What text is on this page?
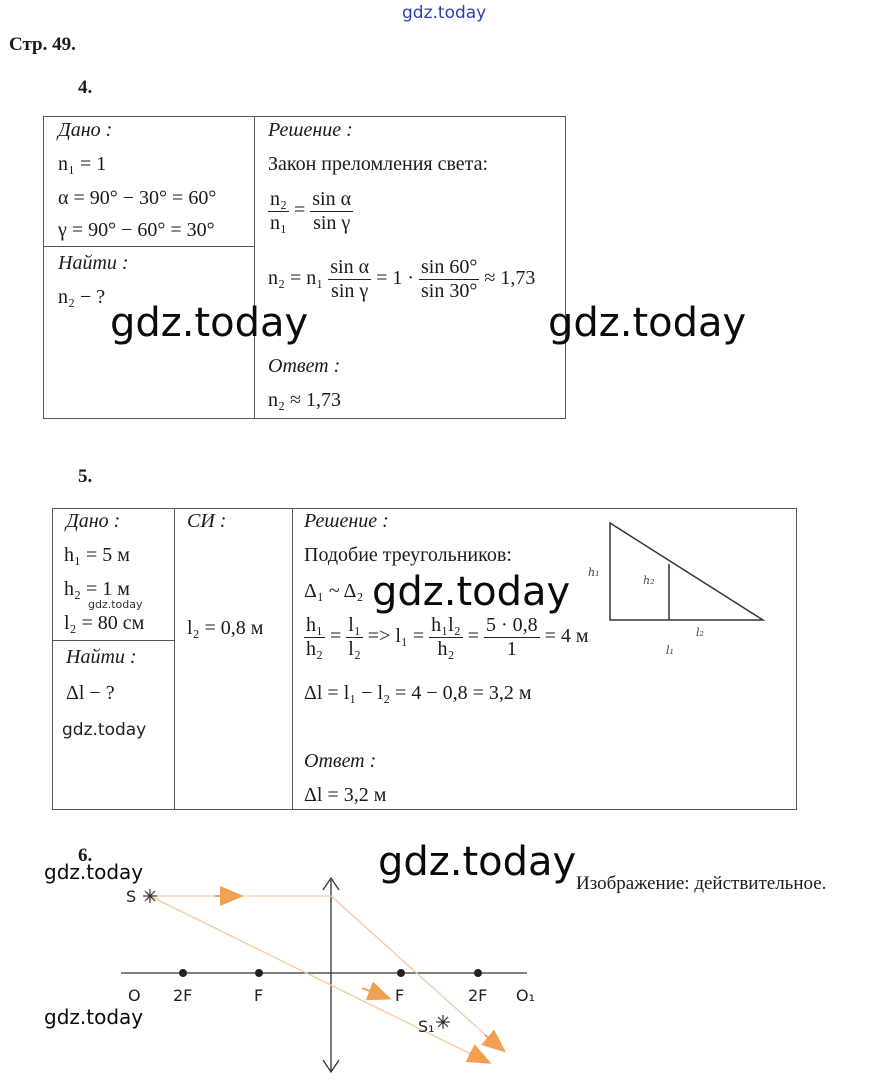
gdz.today
Стр. 49.
4.
Дано :
n₁ = 1
α = 90° − 30° = 60°
γ = 90° − 60° = 30°
Найти :
n₂ − ?
Решение :
Закон преломления света:
$\frac{\text{n₂}}{\text{n₁}} = \frac{\text{sin α}}{\text{sin γ}}$
$n_2 = n_1 \frac{\text{sin α}}{\text{sin γ}} = 1 \cdot \frac{\sin 60^\circ}{\sin 30^\circ} \approx 1,73$
Ответ :
n₂ ≈ 1,73
gdz.today	gdz.today
5.
Дано :
h₁ = 5 м
h₂ = 1 м
gdz.today
l₂ = 80 см
Найти :
Δl − ?
gdz.today
СИ :
l₂ = 0,8 м
Решение :
Подобие треугольников:
Δ₁ ~ Δ₂ gdz.today
$\frac{\text{h₁}}{\text{h₂}} = \frac{\text{l₁}}{\text{l₂}} => l_1 = \frac{\text{h₁l₂}}{\text{h₂}} = \frac{5 \cdot 0,8}{1} = 4$ м
Δl = l₁ − l₂ = 4 − 0,8 = 3,2 м
Ответ :
Δl = 3,2 м
h₁
h₂
l₂
l₁
6.
gdz.today	gdz.today Изображение: действительное.
gdz.today
S
S₁
O 2F	F	F	2F O₁
